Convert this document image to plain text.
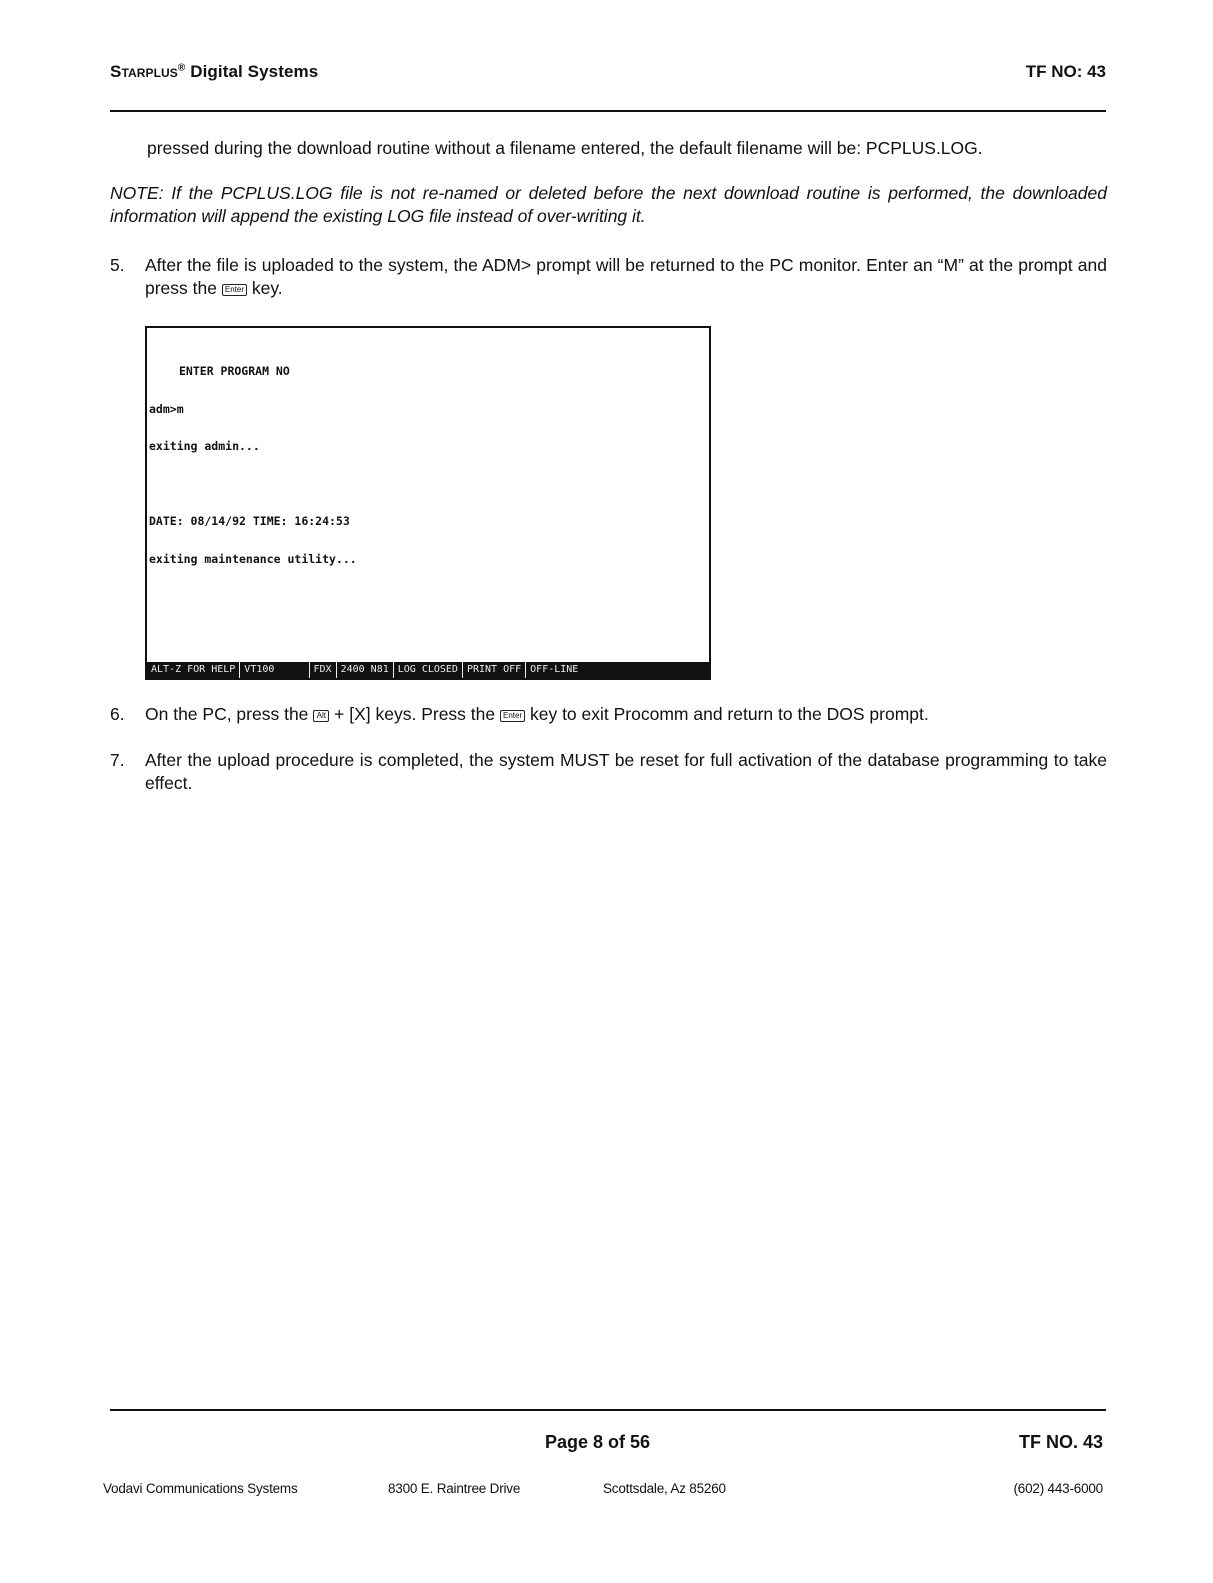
Starplus® Digital Systems	TF NO: 43
pressed during the download routine without a filename entered, the default filename will be: PCPLUS.LOG.
NOTE: If the PCPLUS.LOG file is not re-named or deleted before the next download routine is performed, the downloaded information will append the existing LOG file instead of over-writing it.
5. After the file is uploaded to the system, the ADM> prompt will be returned to the PC monitor. Enter an “M” at the prompt and press the Enter key.

ENTER PROGRAM NO

adm>m

exiting admin...

DATE: 08/14/92 TIME: 16:24:53

exiting maintenance utility...

ALT-Z FOR HELP VT100 FDX 2400 N81 LOG CLOSED PRINT OFF OFF-LINE
6. On the PC, press the Alt + [X] keys. Press the Enter key to exit Procomm and return to the DOS prompt.
7. After the upload procedure is completed, the system MUST be reset for full activation of the database programming to take effect.
Page 8 of 56	TF NO. 43
Vodavi Communications Systems	8300 E. Raintree Drive	Scottsdale, Az 85260	(602) 443-6000
